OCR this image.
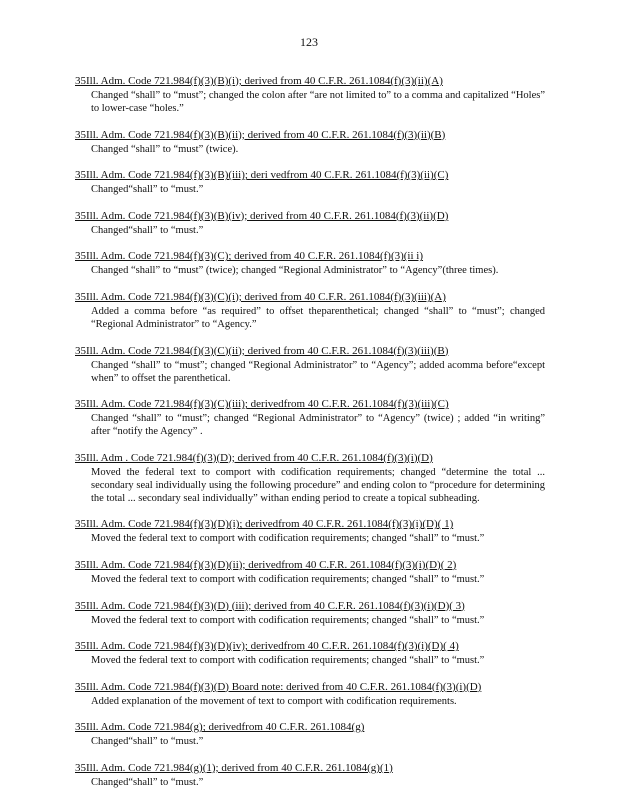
123
35Ill. Adm. Code 721.984(f)(3)(B)(i); derived from 40 C.F.R. 261.1084(f)(3)(ii)(A)

Changed “shall” to “must”; changed the colon after “are not limited to” to a comma and capitalized “Holes” to lower-case “holes.”
35Ill. Adm. Code 721.984(f)(3)(B)(ii); derived from 40 C.F.R. 261.1084(f)(3)(ii)(B)

Changed “shall” to “must” (twice).
35Ill. Adm. Code 721.984(f)(3)(B)(iii); deri vedfrom 40 C.F.R. 261.1084(f)(3)(ii)(C)

Changed“shall” to “must.”
35Ill. Adm. Code 721.984(f)(3)(B)(iv); derived from 40 C.F.R. 261.1084(f)(3)(ii)(D)

Changed“shall” to “must.”
35Ill. Adm. Code 721.984(f)(3)(C); derived from 40 C.F.R. 261.1084(f)(3)(ii i)

Changed “shall” to “must” (twice); changed “Regional Administrator” to “Agency”(three times).
35Ill. Adm. Code 721.984(f)(3)(C)(i); derived from 40 C.F.R. 261.1084(f)(3)(iii)(A)

Added a comma before “as required” to offset theparenthetical; changed “shall” to “must”; changed “Regional Administrator” to “Agency.”
35Ill. Adm. Code 721.984(f)(3)(C)(ii); derived from 40 C.F.R. 261.1084(f)(3)(iii)(B)

Changed “shall” to “must”; changed “Regional Administrator” to “Agency”; added acomma before“except when” to offset the parenthetical.
35Ill. Adm. Code 721.984(f)(3)(C)(iii); derivedfrom 40 C.F.R. 261.1084(f)(3)(iii)(C)

Changed “shall” to “must”; changed “Regional Administrator” to “Agency” (twice) ; added “in writing” after “notify the Agency” .
35Ill. Adm . Code 721.984(f)(3)(D); derived from 40 C.F.R. 261.1084(f)(3)(i)(D)

Moved the federal text to comport with codification requirements; changed “determine the total ... secondary seal individually using the following procedure” and ending colon to “procedure for determining the total ... secondary seal individually” withan ending period to create a topical subheading.
35Ill. Adm. Code 721.984(f)(3)(D)(i); derivedfrom 40 C.F.R. 261.1084(f)(3)(i)(D)( 1)

Moved the federal text to comport with codification requirements; changed “shall” to “must.”
35Ill. Adm. Code 721.984(f)(3)(D)(ii); derivedfrom 40 C.F.R. 261.1084(f)(3)(i)(D)( 2)

Moved the federal text to comport with codification requirements; changed “shall” to “must.”
35Ill. Adm. Code 721.984(f)(3)(D) (iii); derived from 40 C.F.R. 261.1084(f)(3)(i)(D)( 3)

Moved the federal text to comport with codification requirements; changed “shall” to “must.”
35Ill. Adm. Code 721.984(f)(3)(D)(iv); derivedfrom 40 C.F.R. 261.1084(f)(3)(i)(D)( 4)

Moved the federal text to comport with codification requirements; changed “shall” to “must.”
35Ill. Adm. Code 721.984(f)(3)(D) Board note: derived from 40 C.F.R. 261.1084(f)(3)(i)(D)

Added explanation of the movement of text to comport with codification requirements.
35Ill. Adm. Code 721.984(g); derivedfrom 40 C.F.R. 261.1084(g)

Changed“shall” to “must.”
35Ill. Adm. Code 721.984(g)(1); derived from 40 C.F.R. 261.1084(g)(1)

Changed“shall” to “must.”
